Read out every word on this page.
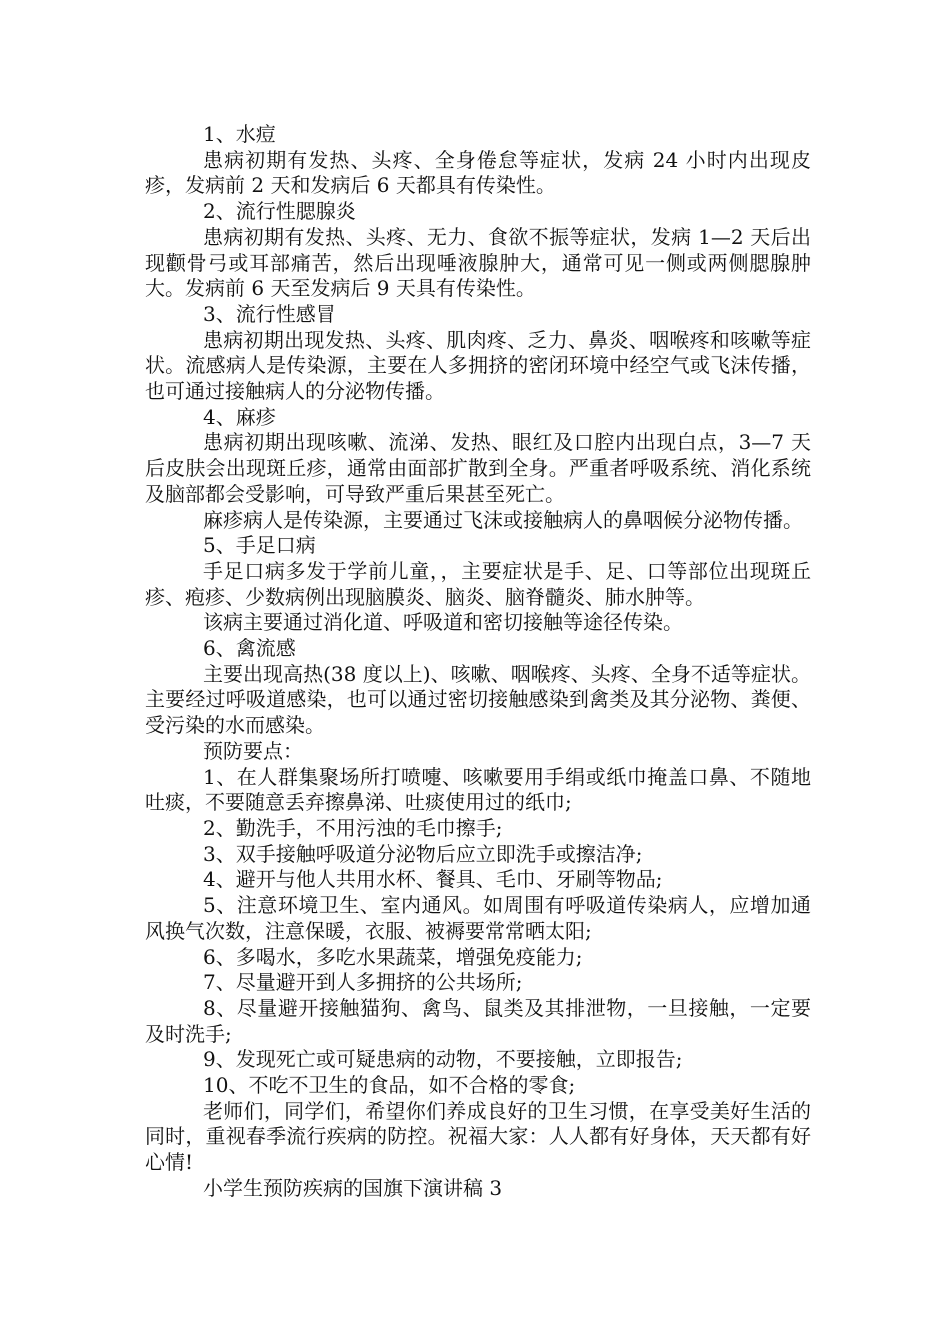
1、水痘

患病初期有发热、头疼、全身倦怠等症状，发病 24 小时内出现皮疹，发病前 2 天和发病后 6 天都具有传染性。

2、流行性腮腺炎

患病初期有发热、头疼、无力、食欲不振等症状，发病 1—2 天后出现颧骨弓或耳部痛苦，然后出现唾液腺肿大，通常可见一侧或两侧腮腺肿大。发病前 6 天至发病后 9 天具有传染性。

3、流行性感冒

患病初期出现发热、头疼、肌肉疼、乏力、鼻炎、咽喉疼和咳嗽等症状。流感病人是传染源，主要在人多拥挤的密闭环境中经空气或飞沫传播，也可通过接触病人的分泌物传播。

4、麻疹

患病初期出现咳嗽、流涕、发热、眼红及口腔内出现白点，3—7 天后皮肤会出现斑丘疹，通常由面部扩散到全身。严重者呼吸系统、消化系统及脑部都会受影响，可导致严重后果甚至死亡。

麻疹病人是传染源，主要通过飞沫或接触病人的鼻咽候分泌物传播。

5、手足口病

手足口病多发于学前儿童，，主要症状是手、足、口等部位出现斑丘疹、疱疹、少数病例出现脑膜炎、脑炎、脑脊髓炎、肺水肿等。

该病主要通过消化道、呼吸道和密切接触等途径传染。

6、禽流感

主要出现高热(38 度以上)、咳嗽、咽喉疼、头疼、全身不适等症状。主要经过呼吸道感染，也可以通过密切接触感染到禽类及其分泌物、粪便、受污染的水而感染。

预防要点：

1、在人群集聚场所打喷嚏、咳嗽要用手绢或纸巾掩盖口鼻、不随地吐痰，不要随意丢弃擦鼻涕、吐痰使用过的纸巾;

2、勤洗手，不用污浊的毛巾擦手;

3、双手接触呼吸道分泌物后应立即洗手或擦洁净;

4、避开与他人共用水杯、餐具、毛巾、牙刷等物品;

5、注意环境卫生、室内通风。如周围有呼吸道传染病人，应增加通风换气次数，注意保暖，衣服、被褥要常常晒太阳;

6、多喝水，多吃水果蔬菜，增强免疫能力;

7、尽量避开到人多拥挤的公共场所;

8、尽量避开接触猫狗、禽鸟、鼠类及其排泄物，一旦接触，一定要及时洗手;

9、发现死亡或可疑患病的动物，不要接触，立即报告;

10、不吃不卫生的食品，如不合格的零食;

老师们，同学们，希望你们养成良好的卫生习惯，在享受美好生活的同时，重视春季流行疾病的防控。祝福大家：人人都有好身体，天天都有好心情!

小学生预防疾病的国旗下演讲稿 3
